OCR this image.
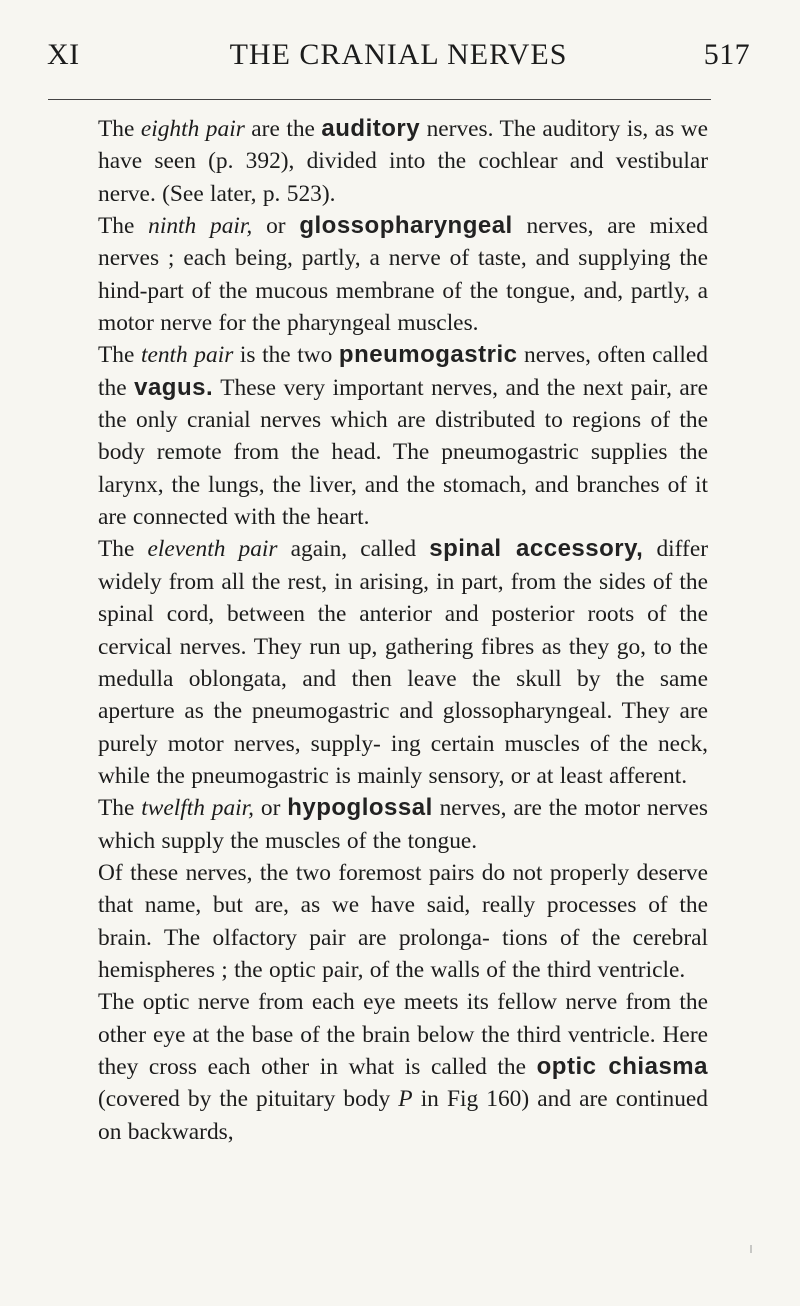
XI	THE CRANIAL NERVES	517

The eighth pair are the auditory nerves. The auditory is, as we have seen (p. 392), divided into the cochlear and vestibular nerve. (See later, p. 523).

The ninth pair, or glossopharyngeal nerves, are mixed nerves ; each being, partly, a nerve of taste, and supplying the hind-part of the mucous membrane of the tongue, and, partly, a motor nerve for the pharyngeal muscles.

The tenth pair is the two pneumogastric nerves, often called the vagus. These very important nerves, and the next pair, are the only cranial nerves which are distributed to regions of the body remote from the head. The pneumogastric supplies the larynx, the lungs, the liver, and the stomach, and branches of it are connected with the heart.

The eleventh pair again, called spinal accessory, differ widely from all the rest, in arising, in part, from the sides of the spinal cord, between the anterior and posterior roots of the cervical nerves. They run up, gathering fibres as they go, to the medulla oblongata, and then leave the skull by the same aperture as the pneumogastric and glossopharyngeal. They are purely motor nerves, supply- ing certain muscles of the neck, while the pneumogastric is mainly sensory, or at least afferent.

The twelfth pair, or hypoglossal nerves, are the motor nerves which supply the muscles of the tongue.

Of these nerves, the two foremost pairs do not properly deserve that name, but are, as we have said, really processes of the brain. The olfactory pair are prolonga- tions of the cerebral hemispheres ; the optic pair, of the walls of the third ventricle.

The optic nerve from each eye meets its fellow nerve from the other eye at the base of the brain below the third ventricle. Here they cross each other in what is called the optic chiasma (covered by the pituitary body P in Fig 160) and are continued on backwards,
